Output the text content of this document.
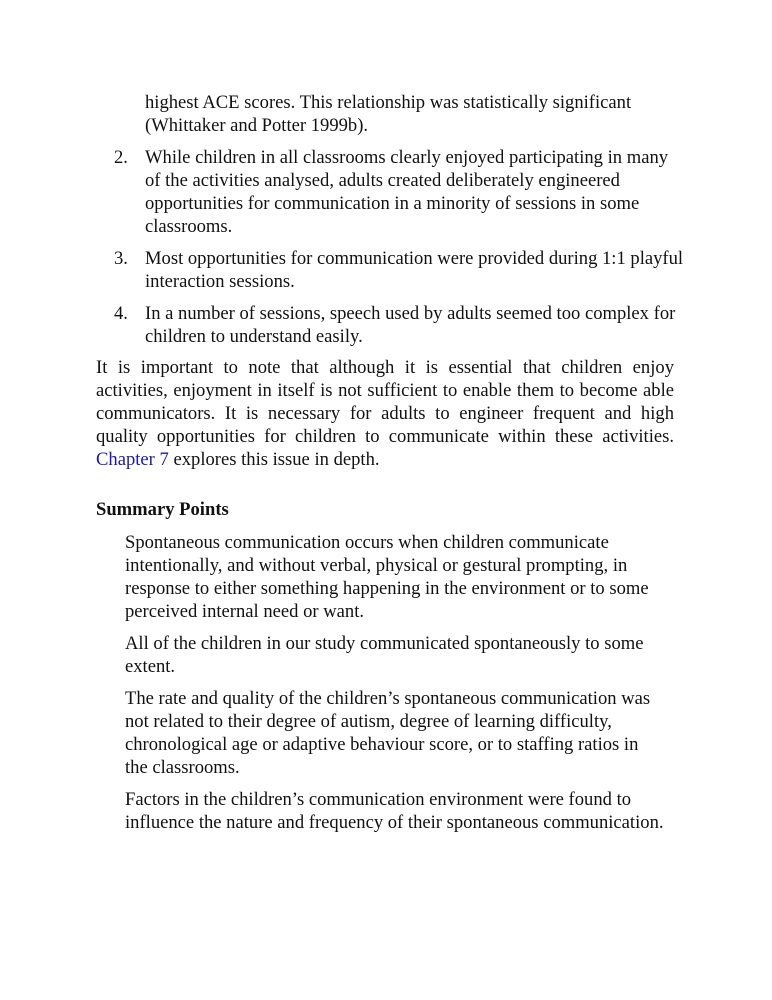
highest ACE scores. This relationship was statistically significant (Whittaker and Potter 1999b).

2. While children in all classrooms clearly enjoyed participating in many of the activities analysed, adults created deliberately engineered opportunities for communication in a minority of sessions in some classrooms.
3. Most opportunities for communication were provided during 1:1 playful interaction sessions.
4. In a number of sessions, speech used by adults seemed too complex for children to understand easily.

It is important to note that although it is essential that children enjoy activities, enjoyment in itself is not sufficient to enable them to become able communicators. It is necessary for adults to engineer frequent and high quality opportunities for children to communicate within these activities. Chapter 7 explores this issue in depth.

Summary Points

Spontaneous communication occurs when children communicate intentionally, and without verbal, physical or gestural prompting, in response to either something happening in the environment or to some perceived internal need or want.

All of the children in our study communicated spontaneously to some extent.

The rate and quality of the children’s spontaneous communication was not related to their degree of autism, degree of learning difficulty, chronological age or adaptive behaviour score, or to staffing ratios in the classrooms.

Factors in the children’s communication environment were found to influence the nature and frequency of their spontaneous communication.
